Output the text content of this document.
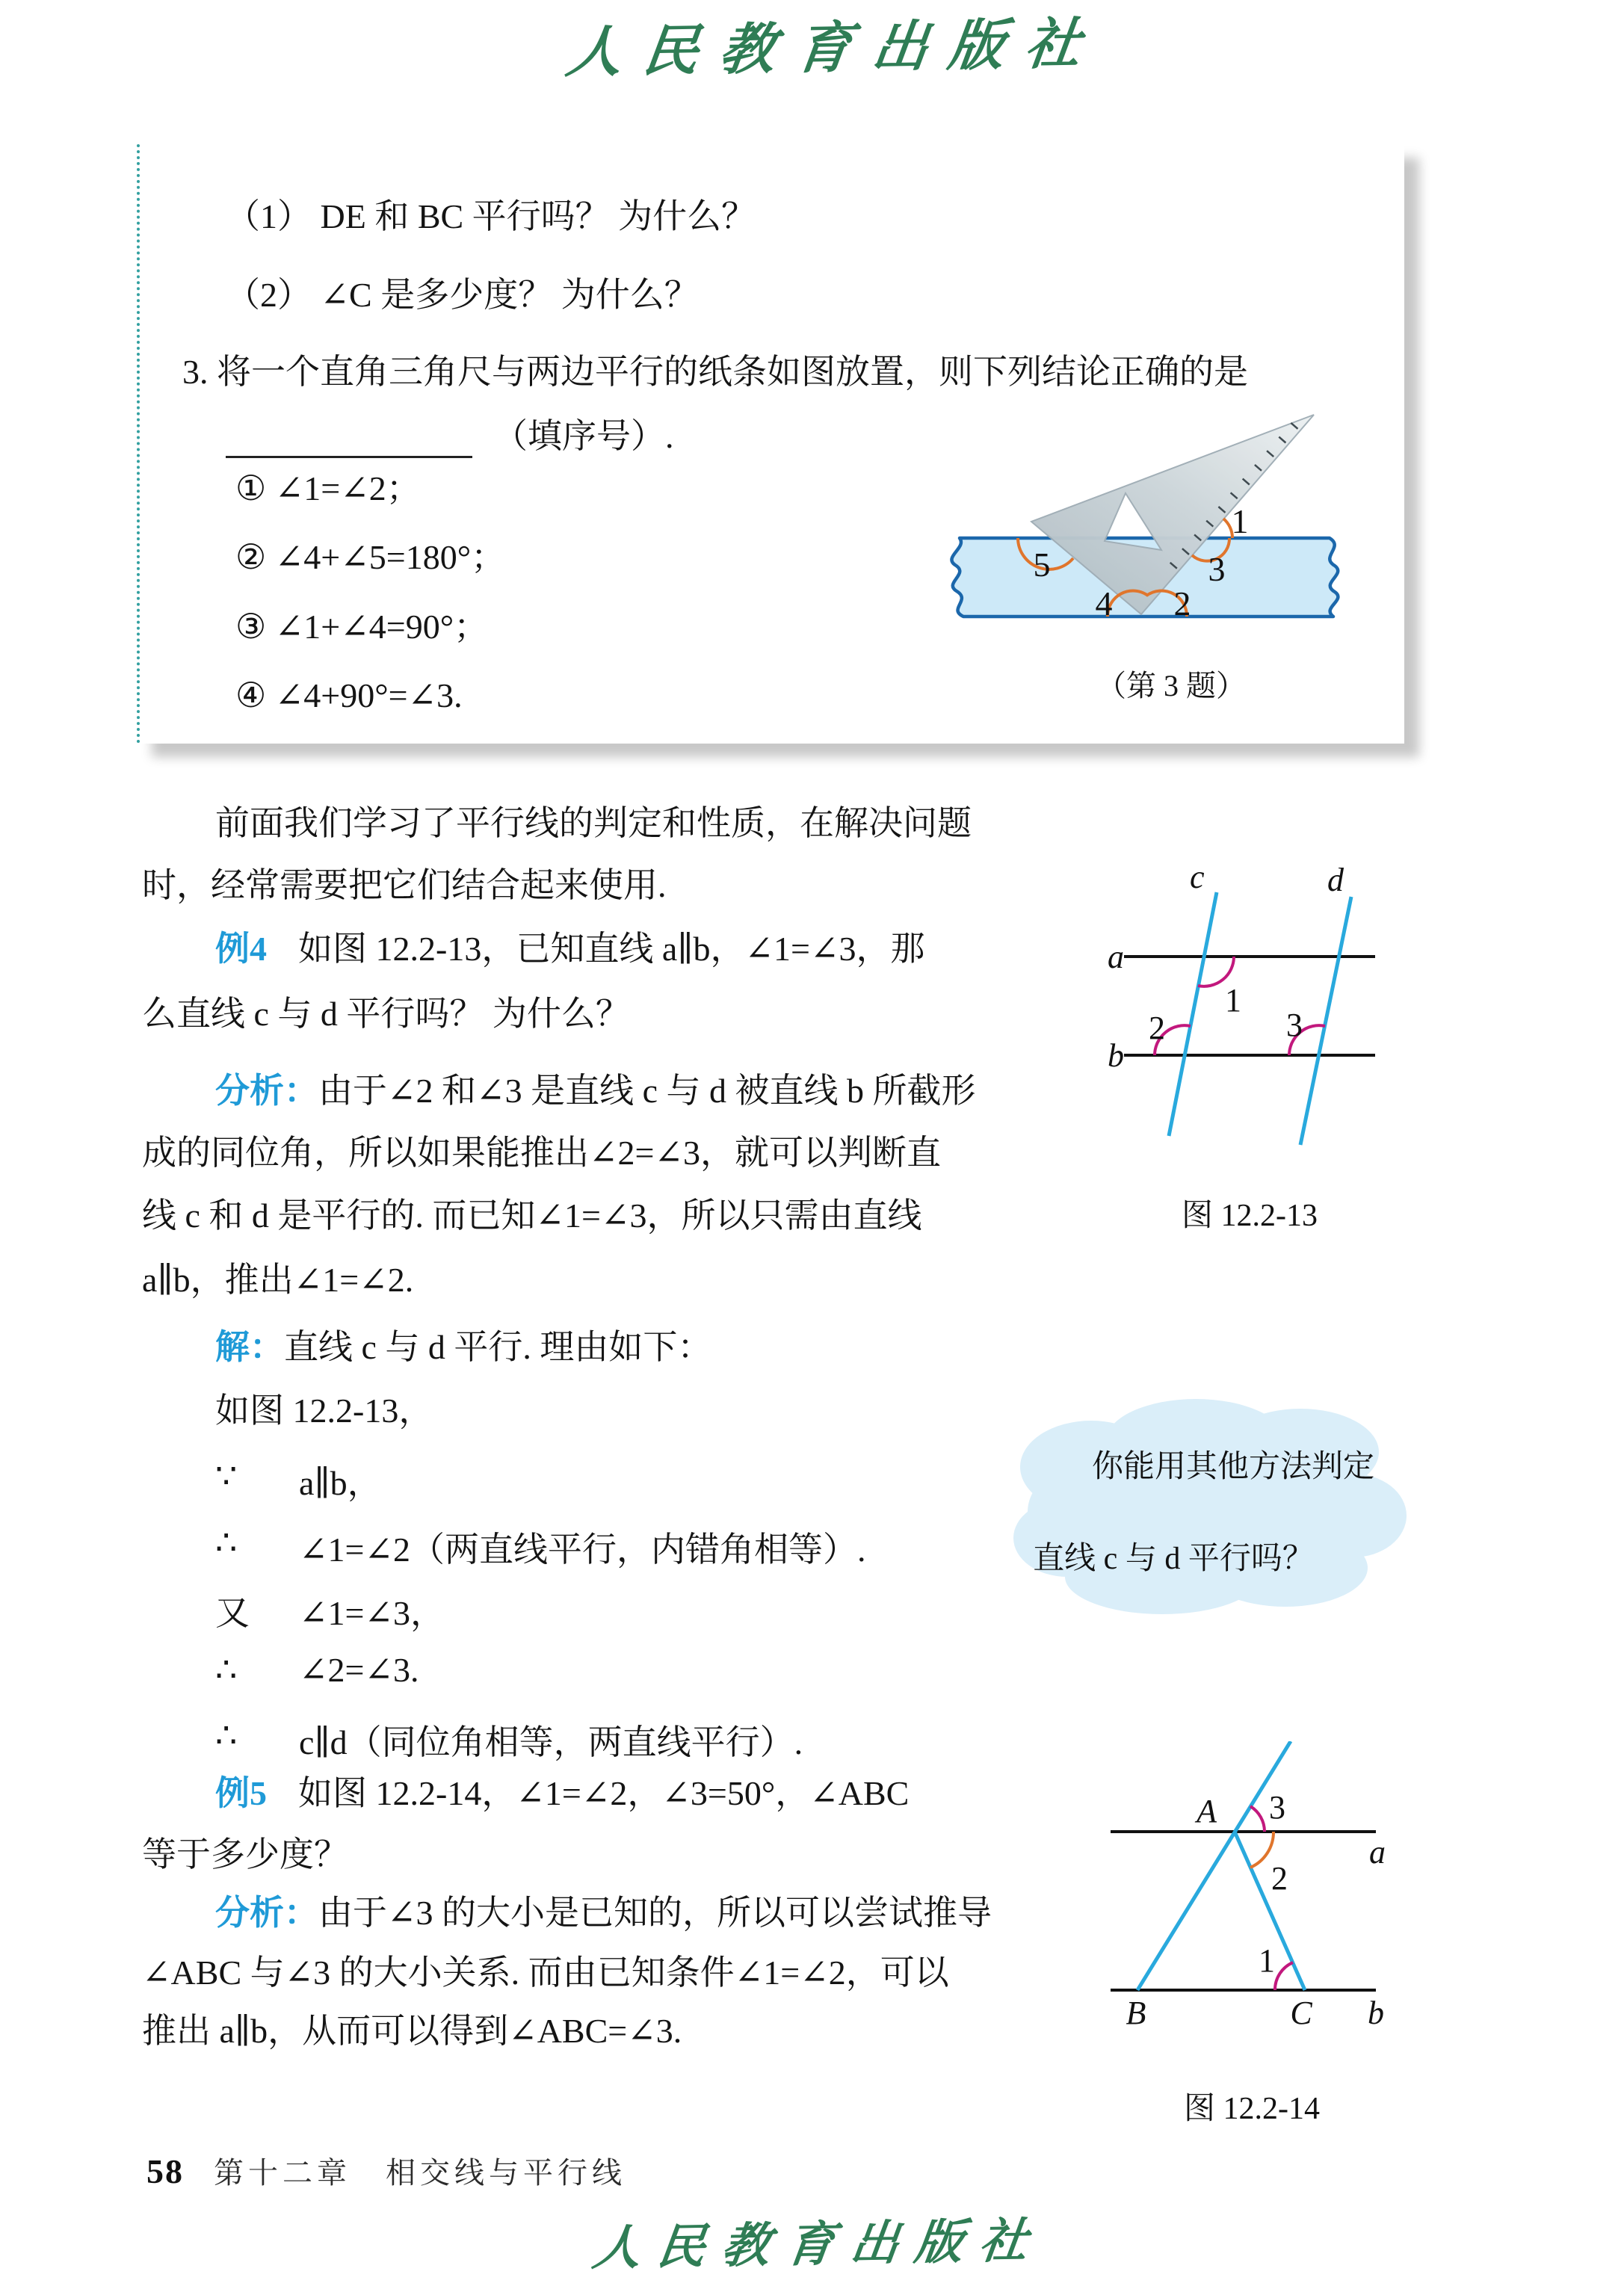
人民教育出版社
（1） DE 和 BC 平行吗？ 为什么？
（2） ∠C 是多少度？ 为什么？
3. 将一个直角三角尺与两边平行的纸条如图放置，则下列结论正确的是
（填序号）.
① ∠1=∠2；
② ∠4+∠5=180°；
③ ∠1+∠4=90°；
④ ∠4+90°=∠3.
1
2
3
4
5
（第 3 题）
前面我们学习了平行线的判定和性质，在解决问题
时，经常需要把它们结合起来使用.
例4 如图 12.2-13，已知直线 a∥b，∠1=∠3，那
么直线 c 与 d 平行吗？ 为什么？
分析：由于∠2 和∠3 是直线 c 与 d 被直线 b 所截形
成的同位角，所以如果能推出∠2=∠3，就可以判断直
线 c 和 d 是平行的. 而已知∠1=∠3，所以只需由直线
a∥b，推出∠1=∠2.
解：直线 c 与 d 平行. 理由如下：
如图 12.2-13，
∵ a∥b，
∴ ∠1=∠2（两直线平行，内错角相等）.
又 ∠1=∠3，
∴ ∠2=∠3.
∴ c∥d（同位角相等，两直线平行）.
例5 如图 12.2-14，∠1=∠2，∠3=50°，∠ABC
等于多少度？
分析：由于∠3 的大小是已知的，所以可以尝试推导
∠ABC 与∠3 的大小关系. 而由已知条件∠1=∠2，可以
推出 a∥b，从而可以得到∠ABC=∠3.
a
b
c	d
1
2	3
图 12.2-13
你能用其他方法判定
直线 c 与 d 平行吗？
A
B	C
a
b
3
2
1
图 12.2-14
58 第十二章　相交线与平行线
人民教育出版社
